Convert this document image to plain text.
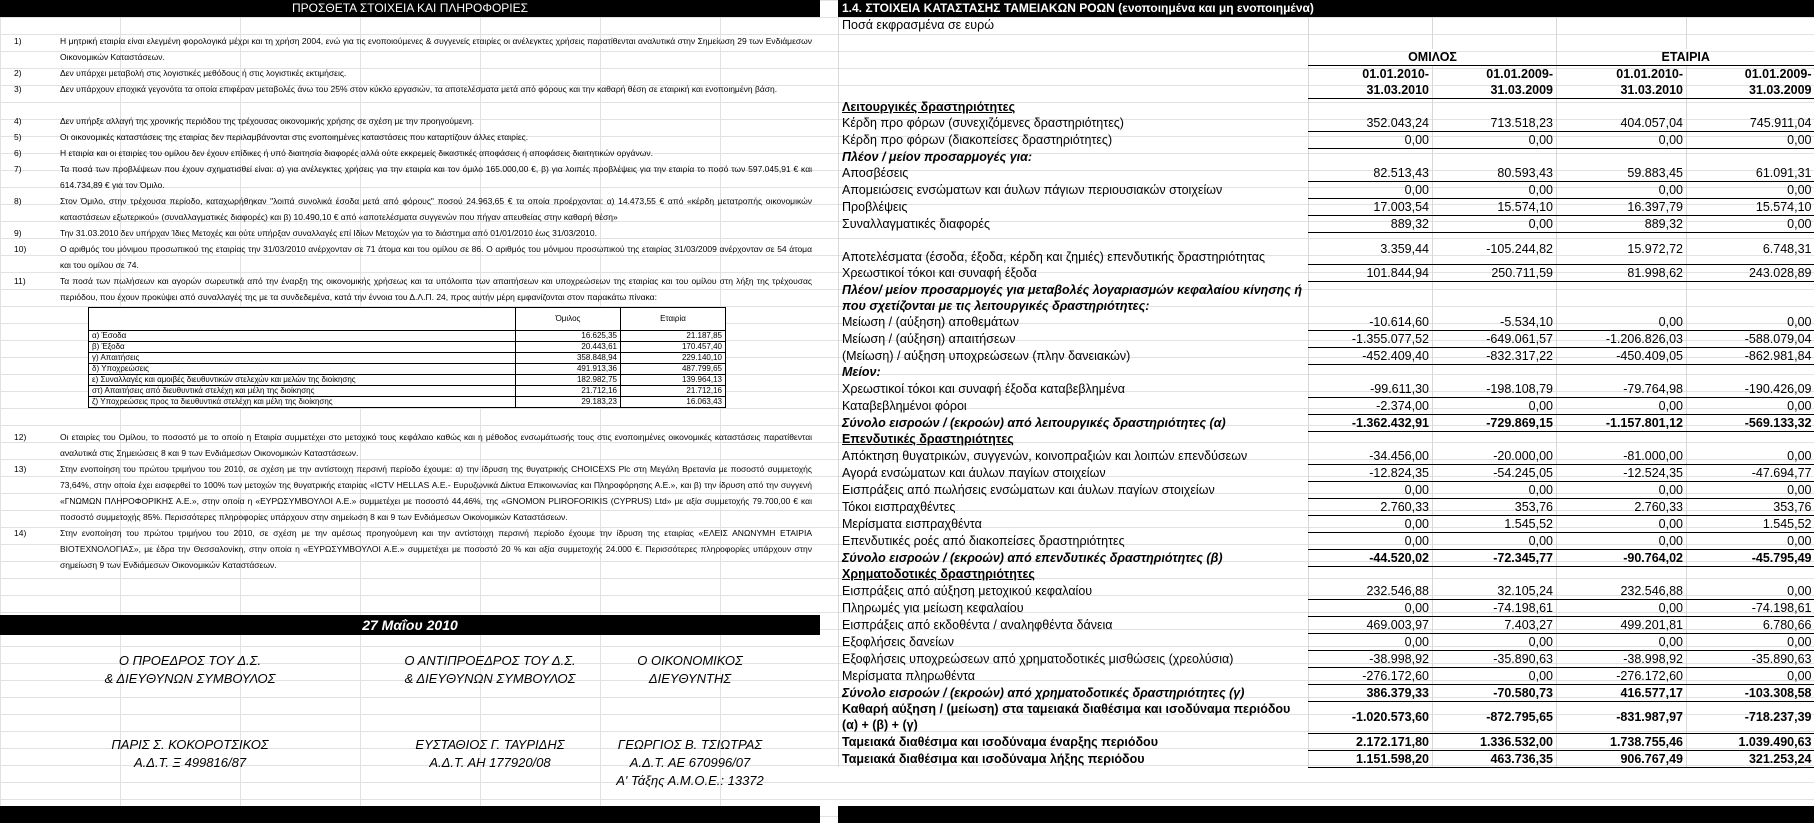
ΠΡΟΣΘΕΤΑ ΣΤΟΙΧΕΙΑ ΚΑΙ ΠΛΗΡΟΦΟΡΙΕΣ
1)	Η μητρική εταιρία είναι ελεγμένη φορολογικά μέχρι και τη χρήση 2004, ενώ για τις ενοποιούμενες & συγγενείς εταιρίες οι ανέλεγκτες χρήσεις παρατίθενται αναλυτικά στην Σημείωση 29 των Ενδιάμεσων Οικονομικών Καταστάσεων.
2)	Δεν υπάρχει μεταβολή στις λογιστικές μεθόδους ή στις λογιστικές εκτιμήσεις.
3)	Δεν υπάρχουν εποχικά γεγονότα τα οποία επιφέραν μεταβολές άνω του 25% στον κύκλο εργασιών, τα αποτελέσματα μετά από φόρους και την καθαρή θέση σε εταιρική και ενοποιημένη βάση.
4)	Δεν υπήρξε αλλαγή της χρονικής περιόδου της τρέχουσας οικονομικής χρήσης σε σχέση με την προηγούμενη.
5)	Οι οικονομικές καταστάσεις της εταιρίας δεν περιλαμβάνονται στις ενοποιημένες καταστάσεις που καταρτίζουν άλλες εταιρίες.
6)	Η εταιρία και οι εταιρίες του ομίλου δεν έχουν επίδικες ή υπό διαιτησία διαφορές αλλά ούτε εκκρεμείς δικαστικές αποφάσεις ή αποφάσεις διαιτητικών οργάνων.
7)	Τα ποσά των προβλέψεων που έχουν σχηματισθεί είναι: α) για ανέλεγκτες χρήσεις για την εταιρία και τον όμιλο 165.000,00 €, β) για λοιπές προβλέψεις για την εταιρία το ποσό των 597.045,91 € και 614.734,89 € για τον Όμιλο.
8)	Στον Όμιλο, στην τρέχουσα περίοδο, καταχωρήθηκαν "λοιπά συνολικά έσοδα μετά από φόρους" ποσού 24.963,65 € τα οποία προέρχονται: α) 14.473,55 € από «κέρδη μετατροπής οικονομικών καταστάσεων εξωτερικού» (συναλλαγματικές διαφορές) και β) 10.490,10 € από «αποτελέσματα συγγενών που πήγαν απευθείας στην καθαρή θέση»
9)	Την 31.03.2010 δεν υπήρχαν Ίδιες Μετοχές και ούτε υπήρξαν συναλλαγές επί Ιδίων Μετοχών για το διάστημα από 01/01/2010 έως 31/03/2010.
10)	Ο αριθμός του μόνιμου προσωπικού της εταιρίας την 31/03/2010 ανέρχονταν σε 71 άτομα και του ομίλου σε 86. Ο αριθμός του μόνιμου προσωπικού της εταιρίας 31/03/2009 ανέρχονταν σε 54 άτομα και του ομίλου σε 74.
11)	Τα ποσά των πωλήσεων και αγορών σωρευτικά από την έναρξη της οικονομικής χρήσεως και τα υπόλοιπα των απαιτήσεων και υποχρεώσεων της εταιρίας και του ομίλου στη λήξη της τρέχουσας περιόδου, που έχουν προκύψει από συναλλαγές της με τα συνδεδεμένα, κατά την έννοια του Δ.Λ.Π. 24, προς αυτήν μέρη εμφανίζονται στον παρακάτω πίνακα:
	Όμιλος	Εταιρία
α) Έσοδα	16.625,35	21.187,85
β) Έξοδα	20.443,61	170.457,40
γ) Απαιτήσεις	358.848,94	229.140,10
δ) Υποχρεώσεις	491.913,36	487.799,65
ε) Συναλλαγές και αμοιβές διευθυντικών στελεχών και μελών της διοίκησης	182.982,75	139.964,13
στ) Απαιτήσεις από διευθυντικά στελέχη και μέλη της διοίκησης	21.712,16	21.712,16
ζ) Υποχρεώσεις προς τα διευθυντικά στελέχη και μέλη της διοίκησης	29.183,23	16.063,43
12)	Οι εταιρίες του Ομίλου, το ποσοστό με το οποίο η Εταιρία συμμετέχει στο μετοχικό τους κεφάλαιο καθώς και η μέθοδος ενσωμάτωσής τους στις ενοποιημένες οικονομικές καταστάσεις παρατίθενται αναλυτικά στις Σημειώσεις 8 και 9 των Ενδιάμεσων Οικονομικών Καταστάσεων.
13)	Στην ενοποίηση του πρώτου τριμήνου του 2010, σε σχέση με την αντίστοιχη περσινή περίοδο έχουμε: α) την ίδρυση της θυγατρικής CHOICEXS Plc στη Μεγάλη Βρετανία με ποσοστό συμμετοχής 73,64%, στην οποία έχει εισφερθεί το 100% των μετοχών της θυγατρικής εταιρίας «ICTV HELLAS Α.Ε.- Ευρυζωνικά Δίκτυα Επικοινωνίας και Πληροφόρησης Α.Ε.», και β) την ίδρυση από την συγγενή «ΓΝΩΜΩΝ ΠΛΗΡΟΦΟΡΙΚΗΣ Α.Ε.», στην οποία η «ΕΥΡΩΣΥΜΒΟΥΛΟΙ Α.Ε.» συμμετέχει με ποσοστό 44,46%, της «GNOMON PLIROFORIKIS (CYPRUS) Ltd» με αξία συμμετοχής 79.700,00 € και ποσοστό συμμετοχής 85%. Περισσότερες πληροφορίες υπάρχουν στην σημείωση 8 και 9 των Ενδιάμεσων Οικονομικών Καταστάσεων.
14)	Στην ενοποίηση του πρώτου τριμήνου του 2010, σε σχέση με την αμέσως προηγούμενη και την αντίστοιχη περσινή περίοδο έχουμε την ίδρυση της εταιρίας «ΕΛΕΙΣ ΑΝΩΝΥΜΗ ΕΤΑΙΡΙΑ ΒΙΟΤΕΧΝΟΛΟΓΙΑΣ», με έδρα την Θεσσαλονίκη, στην οποία η «ΕΥΡΩΣΥΜΒΟΥΛΟΙ Α.Ε.» συμμετέχει με ποσοστό 20 % και αξία συμμετοχής 24.000 €. Περισσότερες πληροφορίες υπάρχουν στην σημείωση 9 των Ενδιάμεσων Οικονομικών Καταστάσεων.
27 Μαΐου 2010
Ο ΠΡΟΕΔΡΟΣ ΤΟΥ Δ.Σ.
& ΔΙΕΥΘΥΝΩΝ ΣΥΜΒΟΥΛΟΣ
ΠΑΡΙΣ Σ. ΚΟΚΟΡΟΤΣΙΚΟΣ
Α.Δ.Τ. Ξ 499816/87
Ο ΑΝΤΙΠΡΟΕΔΡΟΣ ΤΟΥ Δ.Σ.
& ΔΙΕΥΘΥΝΩΝ ΣΥΜΒΟΥΛΟΣ
ΕΥΣΤΑΘΙΟΣ Γ. ΤΑΥΡΙΔΗΣ
Α.Δ.Τ. ΑΗ 177920/08
Ο ΟΙΚΟΝΟΜΙΚΟΣ
ΔΙΕΥΘΥΝΤΗΣ
ΓΕΩΡΓΙΟΣ Β. ΤΣΙΩΤΡΑΣ
Α.Δ.Τ. ΑΕ 670996/07
Α' Τάξης Α.Μ.Ο.Ε.: 13372
1.4. ΣΤΟΙΧΕΙΑ ΚΑΤΑΣΤΑΣΗΣ ΤΑΜΕΙΑΚΩΝ ΡΟΩΝ (ενοποιημένα και μη ενοποιημένα)
Ποσά εκφρασμένα σε ευρώ				

	ΟΜΙΛΟΣ		ΕΤΑΙΡΙΑ	
	01.01.2010-	01.01.2009-	01.01.2010-	01.01.2009-
	31.03.2010	31.03.2009	31.03.2010	31.03.2009
Λειτουργικές δραστηριότητες				
Κέρδη προ φόρων (συνεχιζόμενες δραστηριότητες)	352.043,24	713.518,23	404.057,04	745.911,04
Κέρδη προ φόρων (διακοπείσες δραστηριότητες)	0,00	0,00	0,00	0,00
Πλέον / μείον προσαρμογές για:				
Αποσβέσεις	82.513,43	80.593,43	59.883,45	61.091,31
Απομειώσεις ενσώματων και άυλων πάγιων περιουσιακών στοιχείων	0,00	0,00	0,00	0,00
Προβλέψεις	17.003,54	15.574,10	16.397,79	15.574,10
Συναλλαγματικές διαφορές	889,32	0,00	889,32	0,00
Αποτελέσματα (έσοδα, έξοδα, κέρδη και ζημιές) επενδυτικής δραστηριότητας	3.359,44	-105.244,82	15.972,72	6.748,31
Χρεωστικοί τόκοι και συναφή έξοδα	101.844,94	250.711,59	81.998,62	243.028,89
Πλέον/ μείον προσαρμογές για μεταβολές λογαριασμών κεφαλαίου κίνησης ή που σχετίζονται με τις λειτουργικές δραστηριότητες:				
Μείωση / (αύξηση) αποθεμάτων	-10.614,60	-5.534,10	0,00	0,00
Μείωση / (αύξηση) απαιτήσεων	-1.355.077,52	-649.061,57	-1.206.826,03	-588.079,04
(Μείωση) / αύξηση υποχρεώσεων (πλην δανειακών)	-452.409,40	-832.317,22	-450.409,05	-862.981,84
Μείον:				
Χρεωστικοί τόκοι και συναφή έξοδα καταβεβλημένα	-99.611,30	-198.108,79	-79.764,98	-190.426,09
Καταβεβλημένοι φόροι	-2.374,00	0,00	0,00	0,00
Σύνολο εισροών / (εκροών) από λειτουργικές δραστηριότητες (α)	-1.362.432,91	-729.869,15	-1.157.801,12	-569.133,32
Επενδυτικές δραστηριότητες				
Απόκτηση θυγατρικών, συγγενών, κοινοπραξιών και λοιπών επενδύσεων	-34.456,00	-20.000,00	-81.000,00	0,00
Αγορά ενσώματων και άυλων παγίων στοιχείων	-12.824,35	-54.245,05	-12.524,35	-47.694,77
Εισπράξεις από πωλήσεις ενσώματων και άυλων παγίων στοιχείων	0,00	0,00	0,00	0,00
Τόκοι εισπραχθέντες	2.760,33	353,76	2.760,33	353,76
Μερίσματα εισπραχθέντα	0,00	1.545,52	0,00	1.545,52
Επενδυτικές ροές από διακοπείσες δραστηριότητες	0,00	0,00	0,00	0,00
Σύνολο εισροών / (εκροών) από επενδυτικές δραστηριότητες (β)	-44.520,02	-72.345,77	-90.764,02	-45.795,49
Χρηματοδοτικές δραστηριότητες				
Εισπράξεις από αύξηση μετοχικού κεφαλαίου	232.546,88	32.105,24	232.546,88	0,00
Πληρωμές για μείωση κεφαλαίου	0,00	-74.198,61	0,00	-74.198,61
Εισπράξεις από εκδοθέντα / αναληφθέντα δάνεια	469.003,97	7.403,27	499.201,81	6.780,66
Εξοφλήσεις δανείων	0,00	0,00	0,00	0,00
Εξοφλήσεις υποχρεώσεων από χρηματοδοτικές μισθώσεις (χρεολύσια)	-38.998,92	-35.890,63	-38.998,92	-35.890,63
Μερίσματα πληρωθέντα	-276.172,60	0,00	-276.172,60	0,00
Σύνολο εισροών / (εκροών) από χρηματοδοτικές δραστηριότητες (γ)	386.379,33	-70.580,73	416.577,17	-103.308,58
Καθαρή αύξηση / (μείωση) στα ταμειακά διαθέσιμα και ισοδύναμα περιόδου (α) + (β) + (γ)	-1.020.573,60	-872.795,65	-831.987,97	-718.237,39
Ταμειακά διαθέσιμα και ισοδύναμα έναρξης περιόδου	2.172.171,80	1.336.532,00	1.738.755,46	1.039.490,63
Ταμειακά διαθέσιμα και ισοδύναμα λήξης περιόδου	1.151.598,20	463.736,35	906.767,49	321.253,24
